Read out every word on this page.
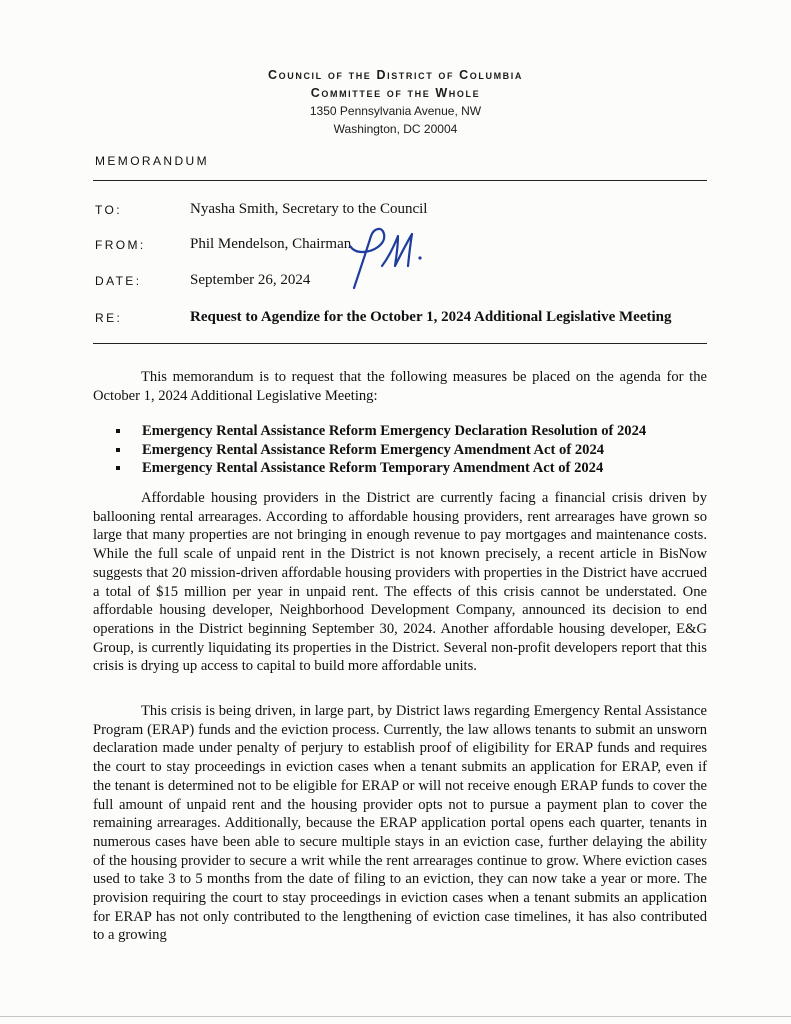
Council of the District of Columbia
Committee of the Whole
1350 Pennsylvania Avenue, NW
Washington, DC 20004
MEMORANDUM
TO:	Nyasha Smith, Secretary to the Council
FROM:	Phil Mendelson, Chairman
DATE:	September 26, 2024
RE:	Request to Agendize for the October 1, 2024 Additional Legislative Meeting
This memorandum is to request that the following measures be placed on the agenda for the October 1, 2024 Additional Legislative Meeting:
Emergency Rental Assistance Reform Emergency Declaration Resolution of 2024
Emergency Rental Assistance Reform Emergency Amendment Act of 2024
Emergency Rental Assistance Reform Temporary Amendment Act of 2024
Affordable housing providers in the District are currently facing a financial crisis driven by ballooning rental arrearages. According to affordable housing providers, rent arrearages have grown so large that many properties are not bringing in enough revenue to pay mortgages and maintenance costs. While the full scale of unpaid rent in the District is not known precisely, a recent article in BisNow suggests that 20 mission-driven affordable housing providers with properties in the District have accrued a total of $15 million per year in unpaid rent. The effects of this crisis cannot be understated. One affordable housing developer, Neighborhood Development Company, announced its decision to end operations in the District beginning September 30, 2024. Another affordable housing developer, E&G Group, is currently liquidating its properties in the District. Several non-profit developers report that this crisis is drying up access to capital to build more affordable units.
This crisis is being driven, in large part, by District laws regarding Emergency Rental Assistance Program (ERAP) funds and the eviction process. Currently, the law allows tenants to submit an unsworn declaration made under penalty of perjury to establish proof of eligibility for ERAP funds and requires the court to stay proceedings in eviction cases when a tenant submits an application for ERAP, even if the tenant is determined not to be eligible for ERAP or will not receive enough ERAP funds to cover the full amount of unpaid rent and the housing provider opts not to pursue a payment plan to cover the remaining arrearages. Additionally, because the ERAP application portal opens each quarter, tenants in numerous cases have been able to secure multiple stays in an eviction case, further delaying the ability of the housing provider to secure a writ while the rent arrearages continue to grow. Where eviction cases used to take 3 to 5 months from the date of filing to an eviction, they can now take a year or more. The provision requiring the court to stay proceedings in eviction cases when a tenant submits an application for ERAP has not only contributed to the lengthening of eviction case timelines, it has also contributed to a growing
